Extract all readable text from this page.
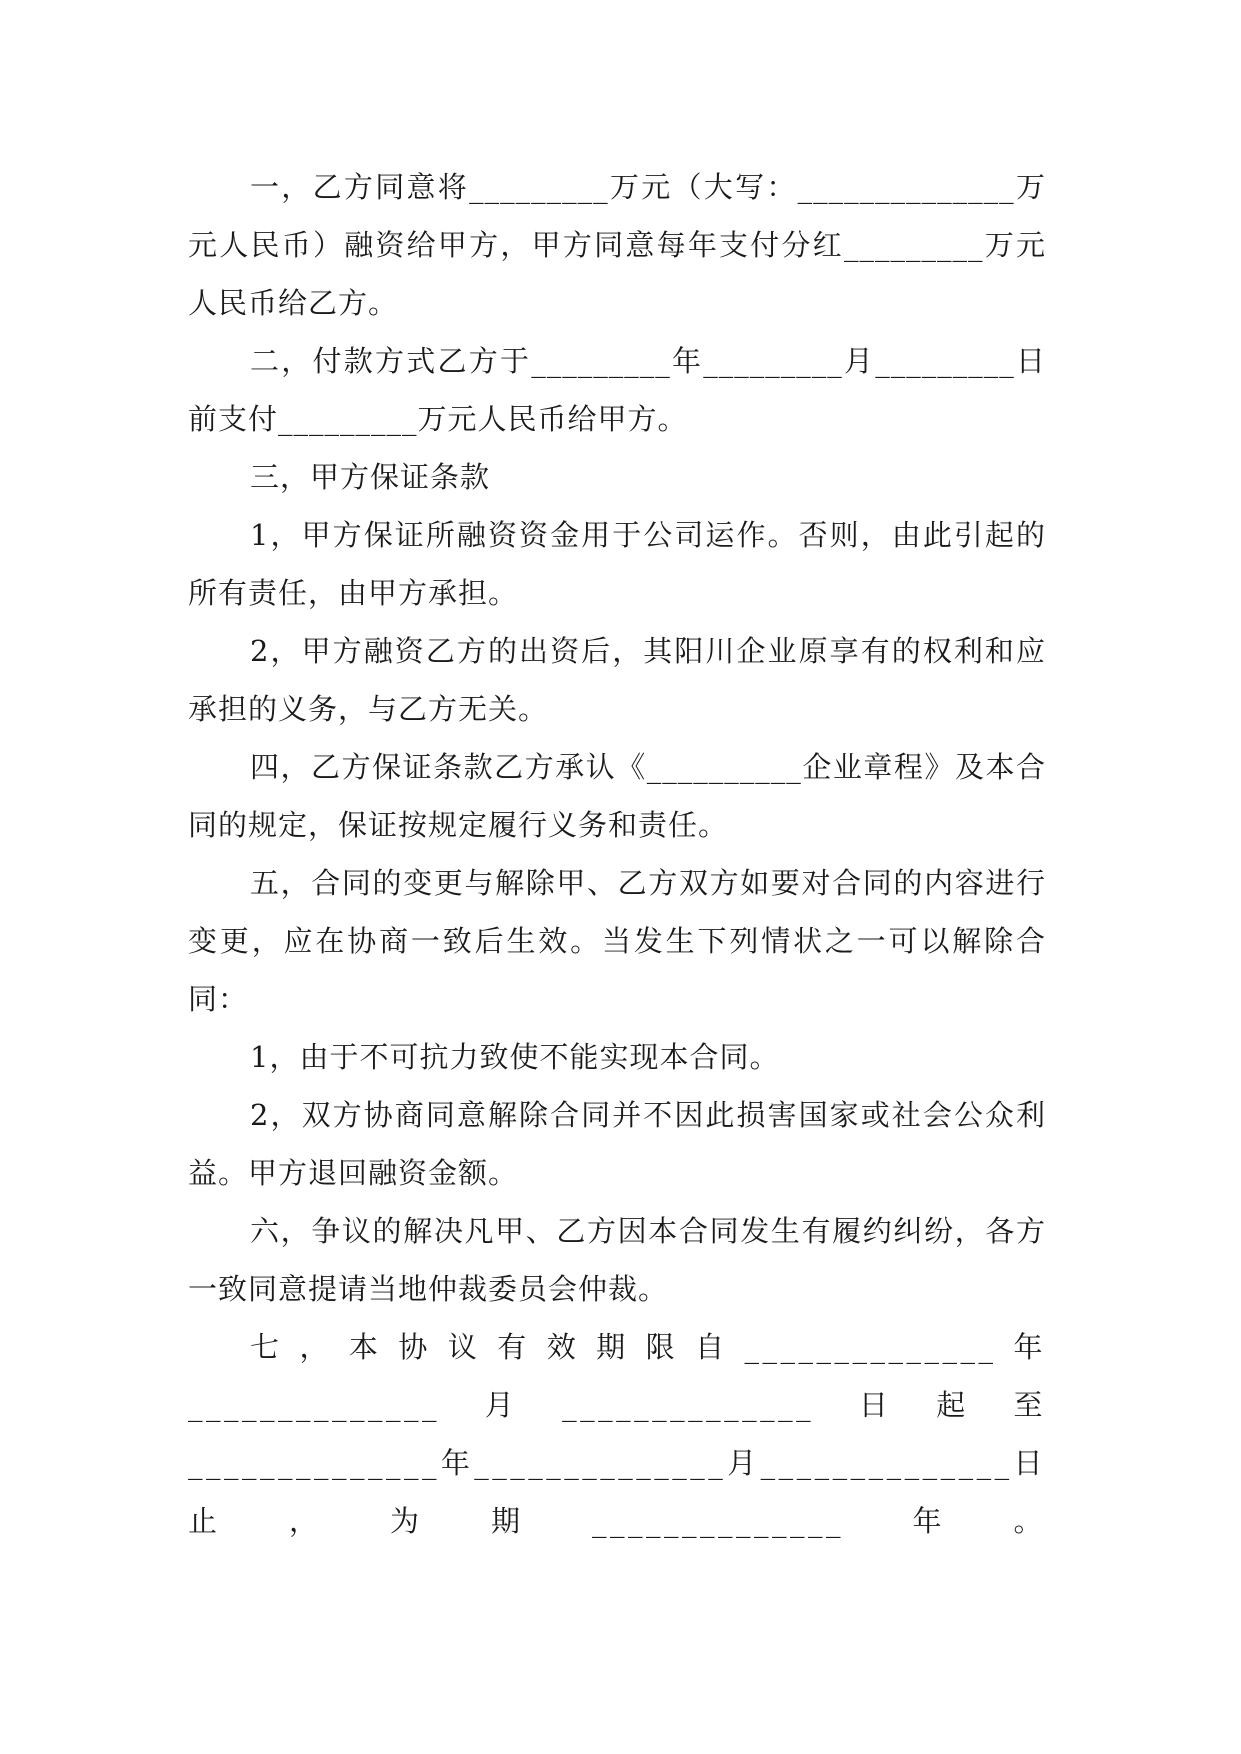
一，乙方同意将_________万元（大写：______________万元人民币）融资给甲方，甲方同意每年支付分红_________万元人民币给乙方。

二，付款方式乙方于_________年_________月_________日前支付_________万元人民币给甲方。

三，甲方保证条款

1，甲方保证所融资资金用于公司运作。否则，由此引起的所有责任，由甲方承担。

2，甲方融资乙方的出资后，其阳川企业原享有的权利和应承担的义务，与乙方无关。

四，乙方保证条款乙方承认《__________企业章程》及本合同的规定，保证按规定履行义务和责任。

五，合同的变更与解除甲、乙方双方如要对合同的内容进行变更，应在协商一致后生效。当发生下列情状之一可以解除合同：

1，由于不可抗力致使不能实现本合同。

2，双方协商同意解除合同并不因此损害国家或社会公众利益。甲方退回融资金额。

六，争议的解决凡甲、乙方因本合同发生有履约纠纷，各方一致同意提请当地仲裁委员会仲裁。

七，本协议有效期限自______________年______________月______________日起至______________年______________月______________日止，为期______________年。
